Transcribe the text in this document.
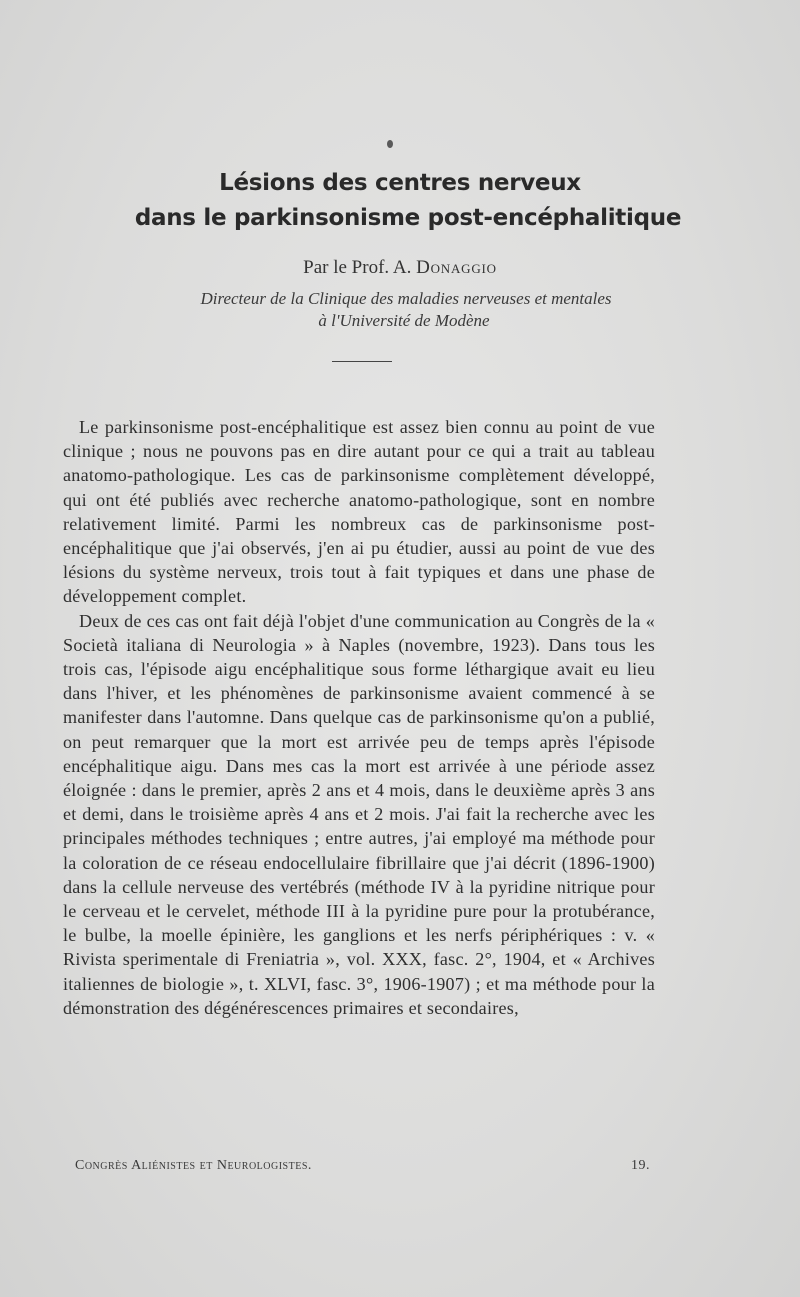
Lésions des centres nerveux
dans le parkinsonisme post-encéphalitique
Par le Prof. A. Donaggio
Directeur de la Clinique des maladies nerveuses et mentales
à l'Université de Modène

Le parkinsonisme post-encéphalitique est assez bien connu au point de vue clinique ; nous ne pouvons pas en dire autant pour ce qui a trait au tableau anatomo-pathologique. Les cas de parkinsonisme complètement développé, qui ont été publiés avec recherche anatomo-pathologique, sont en nombre relativement limité. Parmi les nombreux cas de parkinsonisme post-encéphalitique que j'ai observés, j'en ai pu étudier, aussi au point de vue des lésions du système nerveux, trois tout à fait typiques et dans une phase de développement complet.

Deux de ces cas ont fait déjà l'objet d'une communication au Congrès de la « Società italiana di Neurologia » à Naples (novembre, 1923). Dans tous les trois cas, l'épisode aigu encéphalitique sous forme léthargique avait eu lieu dans l'hiver, et les phénomènes de parkinsonisme avaient commencé à se manifester dans l'automne. Dans quelque cas de parkinsonisme qu'on a publié, on peut remarquer que la mort est arrivée peu de temps après l'épisode encéphalitique aigu. Dans mes cas la mort est arrivée à une période assez éloignée : dans le premier, après 2 ans et 4 mois, dans le deuxième après 3 ans et demi, dans le troisième après 4 ans et 2 mois. J'ai fait la recherche avec les principales méthodes techniques ; entre autres, j'ai employé ma méthode pour la coloration de ce réseau endocellulaire fibrillaire que j'ai décrit (1896-1900) dans la cellule nerveuse des vertébrés (méthode IV à la pyridine nitrique pour le cerveau et le cervelet, méthode III à la pyridine pure pour la protubérance, le bulbe, la moelle épinière, les ganglions et les nerfs périphériques : v. « Rivista sperimentale di Freniatria », vol. XXX, fasc. 2°, 1904, et « Archives italiennes de biologie », t. XLVI, fasc. 3°, 1906-1907) ; et ma méthode pour la démonstration des dégénérescences primaires et secondaires,

Congrès Aliénistes et Neurologistes.	19.
